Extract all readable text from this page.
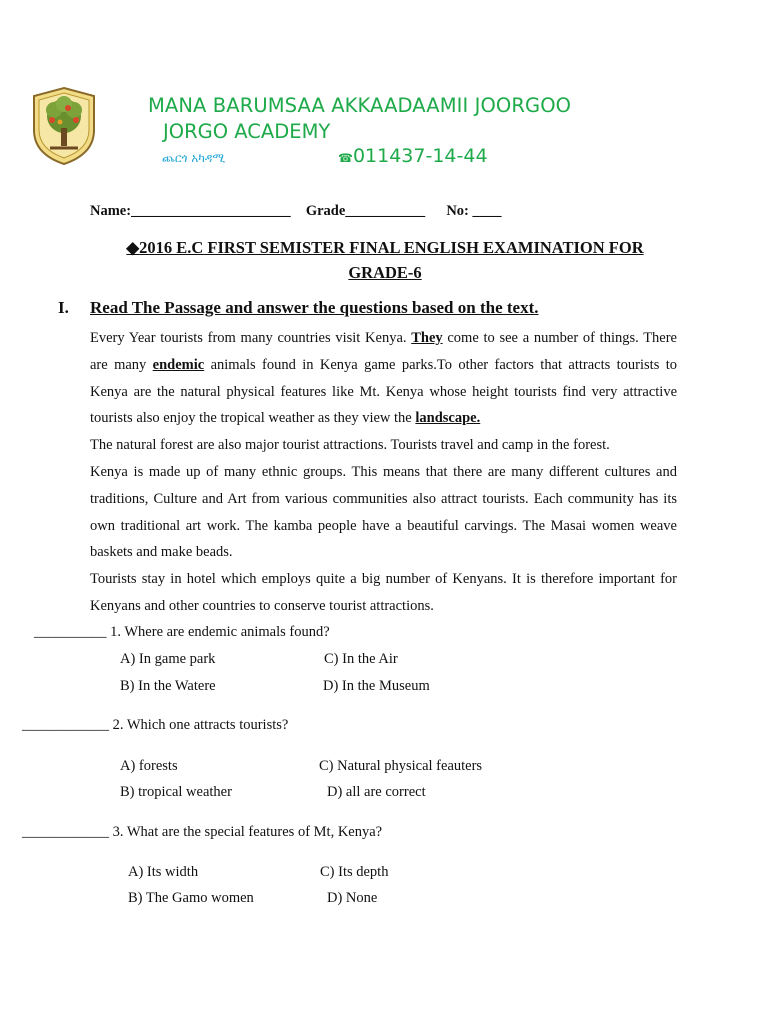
MANA BARUMSAA AKKAADAAMII JOORGOO
JORGO ACADEMY
ጨርጎ አካዳሚ	☎011437-14-44
Name:______________________ Grade___________ No: ____
◆2016 E.C FIRST SEMISTER FINAL ENGLISH EXAMINATION FOR
GRADE-6
I. Read The Passage and answer the questions based on the text.
Every Year tourists from many countries visit Kenya. They come to see a number of things. There are many endemic animals found in Kenya game parks.To other factors that attracts tourists to Kenya are the natural physical features like Mt. Kenya whose height tourists find very attractive tourists also enjoy the tropical weather as they view the landscape.
The natural forest are also major tourist attractions. Tourists travel and camp in the forest.
Kenya is made up of many ethnic groups. This means that there are many different cultures and traditions, Culture and Art from various communities also attract tourists. Each community has its own traditional art work. The kamba people have a beautiful carvings. The Masai women weave baskets and make beads.
Tourists stay in hotel which employs quite a big number of Kenyans. It is therefore important for Kenyans and other countries to conserve tourist attractions.
__________ 1. Where are endemic animals found?
A) In game park	C) In the Air
B) In the Watere	D) In the Museum
____________ 2. Which one attracts tourists?
A) forests	C) Natural physical feauters
B) tropical weather	D) all are correct
____________ 3. What are the special features of Mt, Kenya?
A) Its width	C) Its depth
B) The Gamo women	D) None
